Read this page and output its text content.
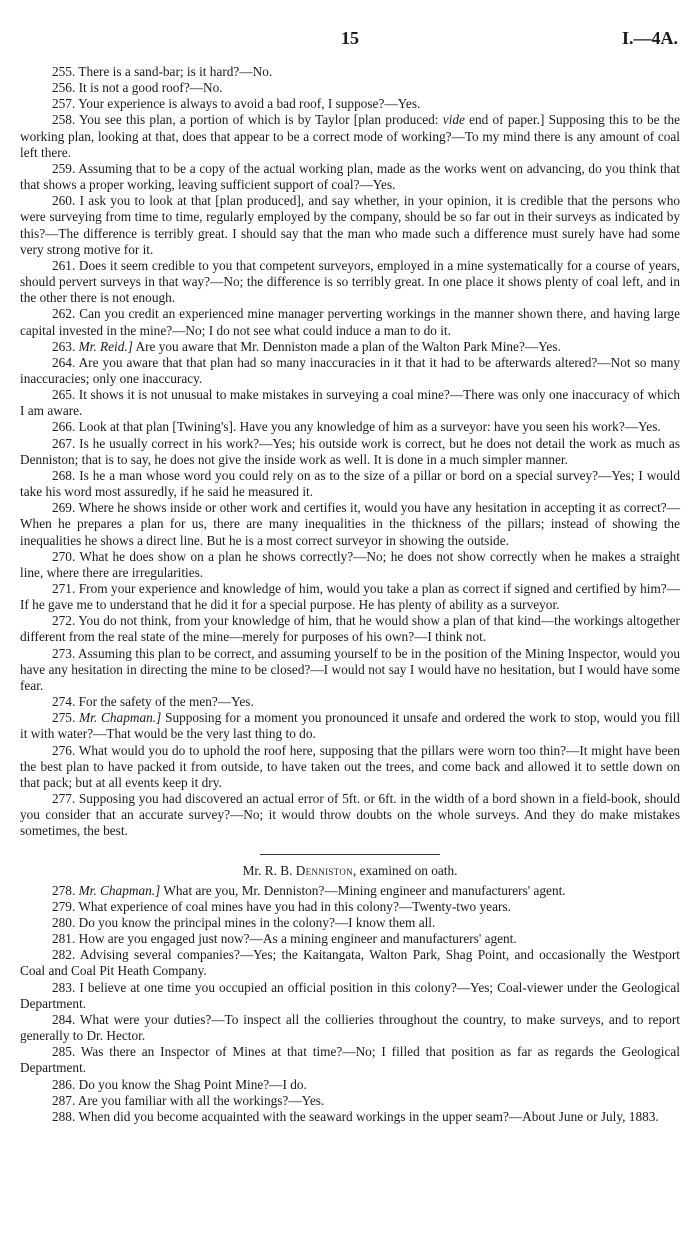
15	I.—4A.

255. There is a sand-bar; is it hard?—No.

256. It is not a good roof?—No.

257. Your experience is always to avoid a bad roof, I suppose?—Yes.

258. You see this plan, a portion of which is by Taylor [plan produced: vide end of paper.] Supposing this to be the working plan, looking at that, does that appear to be a correct mode of working?—To my mind there is any amount of coal left there.

259. Assuming that to be a copy of the actual working plan, made as the works went on advancing, do you think that that shows a proper working, leaving sufficient support of coal?—Yes.

260. I ask you to look at that [plan produced], and say whether, in your opinion, it is credible that the persons who were surveying from time to time, regularly employed by the company, should be so far out in their surveys as indicated by this?—The difference is terribly great. I should say that the man who made such a difference must surely have had some very strong motive for it.

261. Does it seem credible to you that competent surveyors, employed in a mine systematically for a course of years, should pervert surveys in that way?—No; the difference is so terribly great. In one place it shows plenty of coal left, and in the other there is not enough.

262. Can you credit an experienced mine manager perverting workings in the manner shown there, and having large capital invested in the mine?—No; I do not see what could induce a man to do it.

263. Mr. Reid.] Are you aware that Mr. Denniston made a plan of the Walton Park Mine?—Yes.

264. Are you aware that that plan had so many inaccuracies in it that it had to be afterwards altered?—Not so many inaccuracies; only one inaccuracy.

265. It shows it is not unusual to make mistakes in surveying a coal mine?—There was only one inaccuracy of which I am aware.

266. Look at that plan [Twining's]. Have you any knowledge of him as a surveyor: have you seen his work?—Yes.

267. Is he usually correct in his work?—Yes; his outside work is correct, but he does not detail the work as much as Denniston; that is to say, he does not give the inside work as well. It is done in a much simpler manner.

268. Is he a man whose word you could rely on as to the size of a pillar or bord on a special survey?—Yes; I would take his word most assuredly, if he said he measured it.

269. Where he shows inside or other work and certifies it, would you have any hesitation in accepting it as correct?—When he prepares a plan for us, there are many inequalities in the thickness of the pillars; instead of showing the inequalities he shows a direct line. But he is a most correct surveyor in showing the outside.

270. What he does show on a plan he shows correctly?—No; he does not show correctly when he makes a straight line, where there are irregularities.

271. From your experience and knowledge of him, would you take a plan as correct if signed and certified by him?—If he gave me to understand that he did it for a special purpose. He has plenty of ability as a surveyor.

272. You do not think, from your knowledge of him, that he would show a plan of that kind—the workings altogether different from the real state of the mine—merely for purposes of his own?—I think not.

273. Assuming this plan to be correct, and assuming yourself to be in the position of the Mining Inspector, would you have any hesitation in directing the mine to be closed?—I would not say I would have no hesitation, but I would have some fear.

274. For the safety of the men?—Yes.

275. Mr. Chapman.] Supposing for a moment you pronounced it unsafe and ordered the work to stop, would you fill it with water?—That would be the very last thing to do.

276. What would you do to uphold the roof here, supposing that the pillars were worn too thin?—It might have been the best plan to have packed it from outside, to have taken out the trees, and come back and allowed it to settle down on that pack; but at all events keep it dry.

277. Supposing you had discovered an actual error of 5ft. or 6ft. in the width of a bord shown in a field-book, should you consider that an accurate survey?—No; it would throw doubts on the whole surveys. And they do make mistakes sometimes, the best.

Mr. R. B. Denniston, examined on oath.

278. Mr. Chapman.] What are you, Mr. Denniston?—Mining engineer and manufacturers' agent.

279. What experience of coal mines have you had in this colony?—Twenty-two years.

280. Do you know the principal mines in the colony?—I know them all.

281. How are you engaged just now?—As a mining engineer and manufacturers' agent.

282. Advising several companies?—Yes; the Kaitangata, Walton Park, Shag Point, and occasionally the Westport Coal and Coal Pit Heath Company.

283. I believe at one time you occupied an official position in this colony?—Yes; Coal-viewer under the Geological Department.

284. What were your duties?—To inspect all the collieries throughout the country, to make surveys, and to report generally to Dr. Hector.

285. Was there an Inspector of Mines at that time?—No; I filled that position as far as regards the Geological Department.

286. Do you know the Shag Point Mine?—I do.

287. Are you familiar with all the workings?—Yes.

288. When did you become acquainted with the seaward workings in the upper seam?—About June or July, 1883.
